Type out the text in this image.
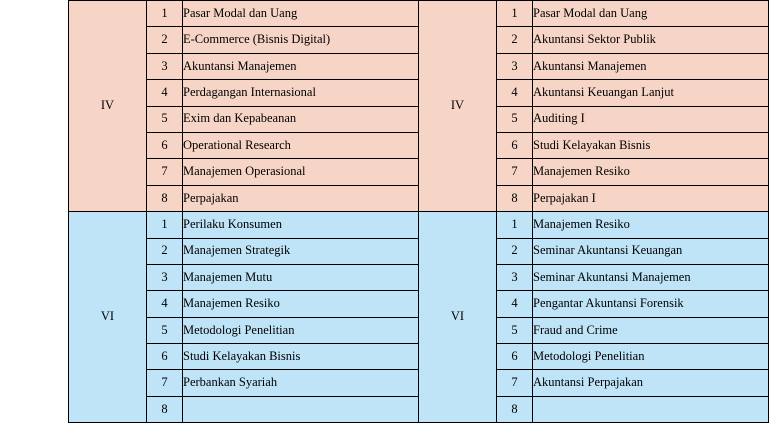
IV	1	Pasar Modal dan Uang	IV	1	Pasar Modal dan Uang
	2	E-Commerce (Bisnis Digital)		2	Akuntansi Sektor Publik
	3	Akuntansi Manajemen		3	Akuntansi Manajemen
	4	Perdagangan Internasional		4	Akuntansi Keuangan Lanjut
	5	Exim dan Kepabeanan		5	Auditing I
	6	Operational Research		6	Studi Kelayakan Bisnis
	7	Manajemen Operasional		7	Manajemen Resiko
	8	Perpajakan		8	Perpajakan I
VI	1	Perilaku Konsumen	VI	1	Manajemen Resiko
	2	Manajemen Strategik		2	Seminar Akuntansi Keuangan
	3	Manajemen Mutu		3	Seminar Akuntansi Manajemen
	4	Manajemen Resiko		4	Pengantar Akuntansi Forensik
	5	Metodologi Penelitian		5	Fraud and Crime
	6	Studi Kelayakan Bisnis		6	Metodologi Penelitian
	7	Perbankan Syariah		7	Akuntansi Perpajakan
	8			8	
